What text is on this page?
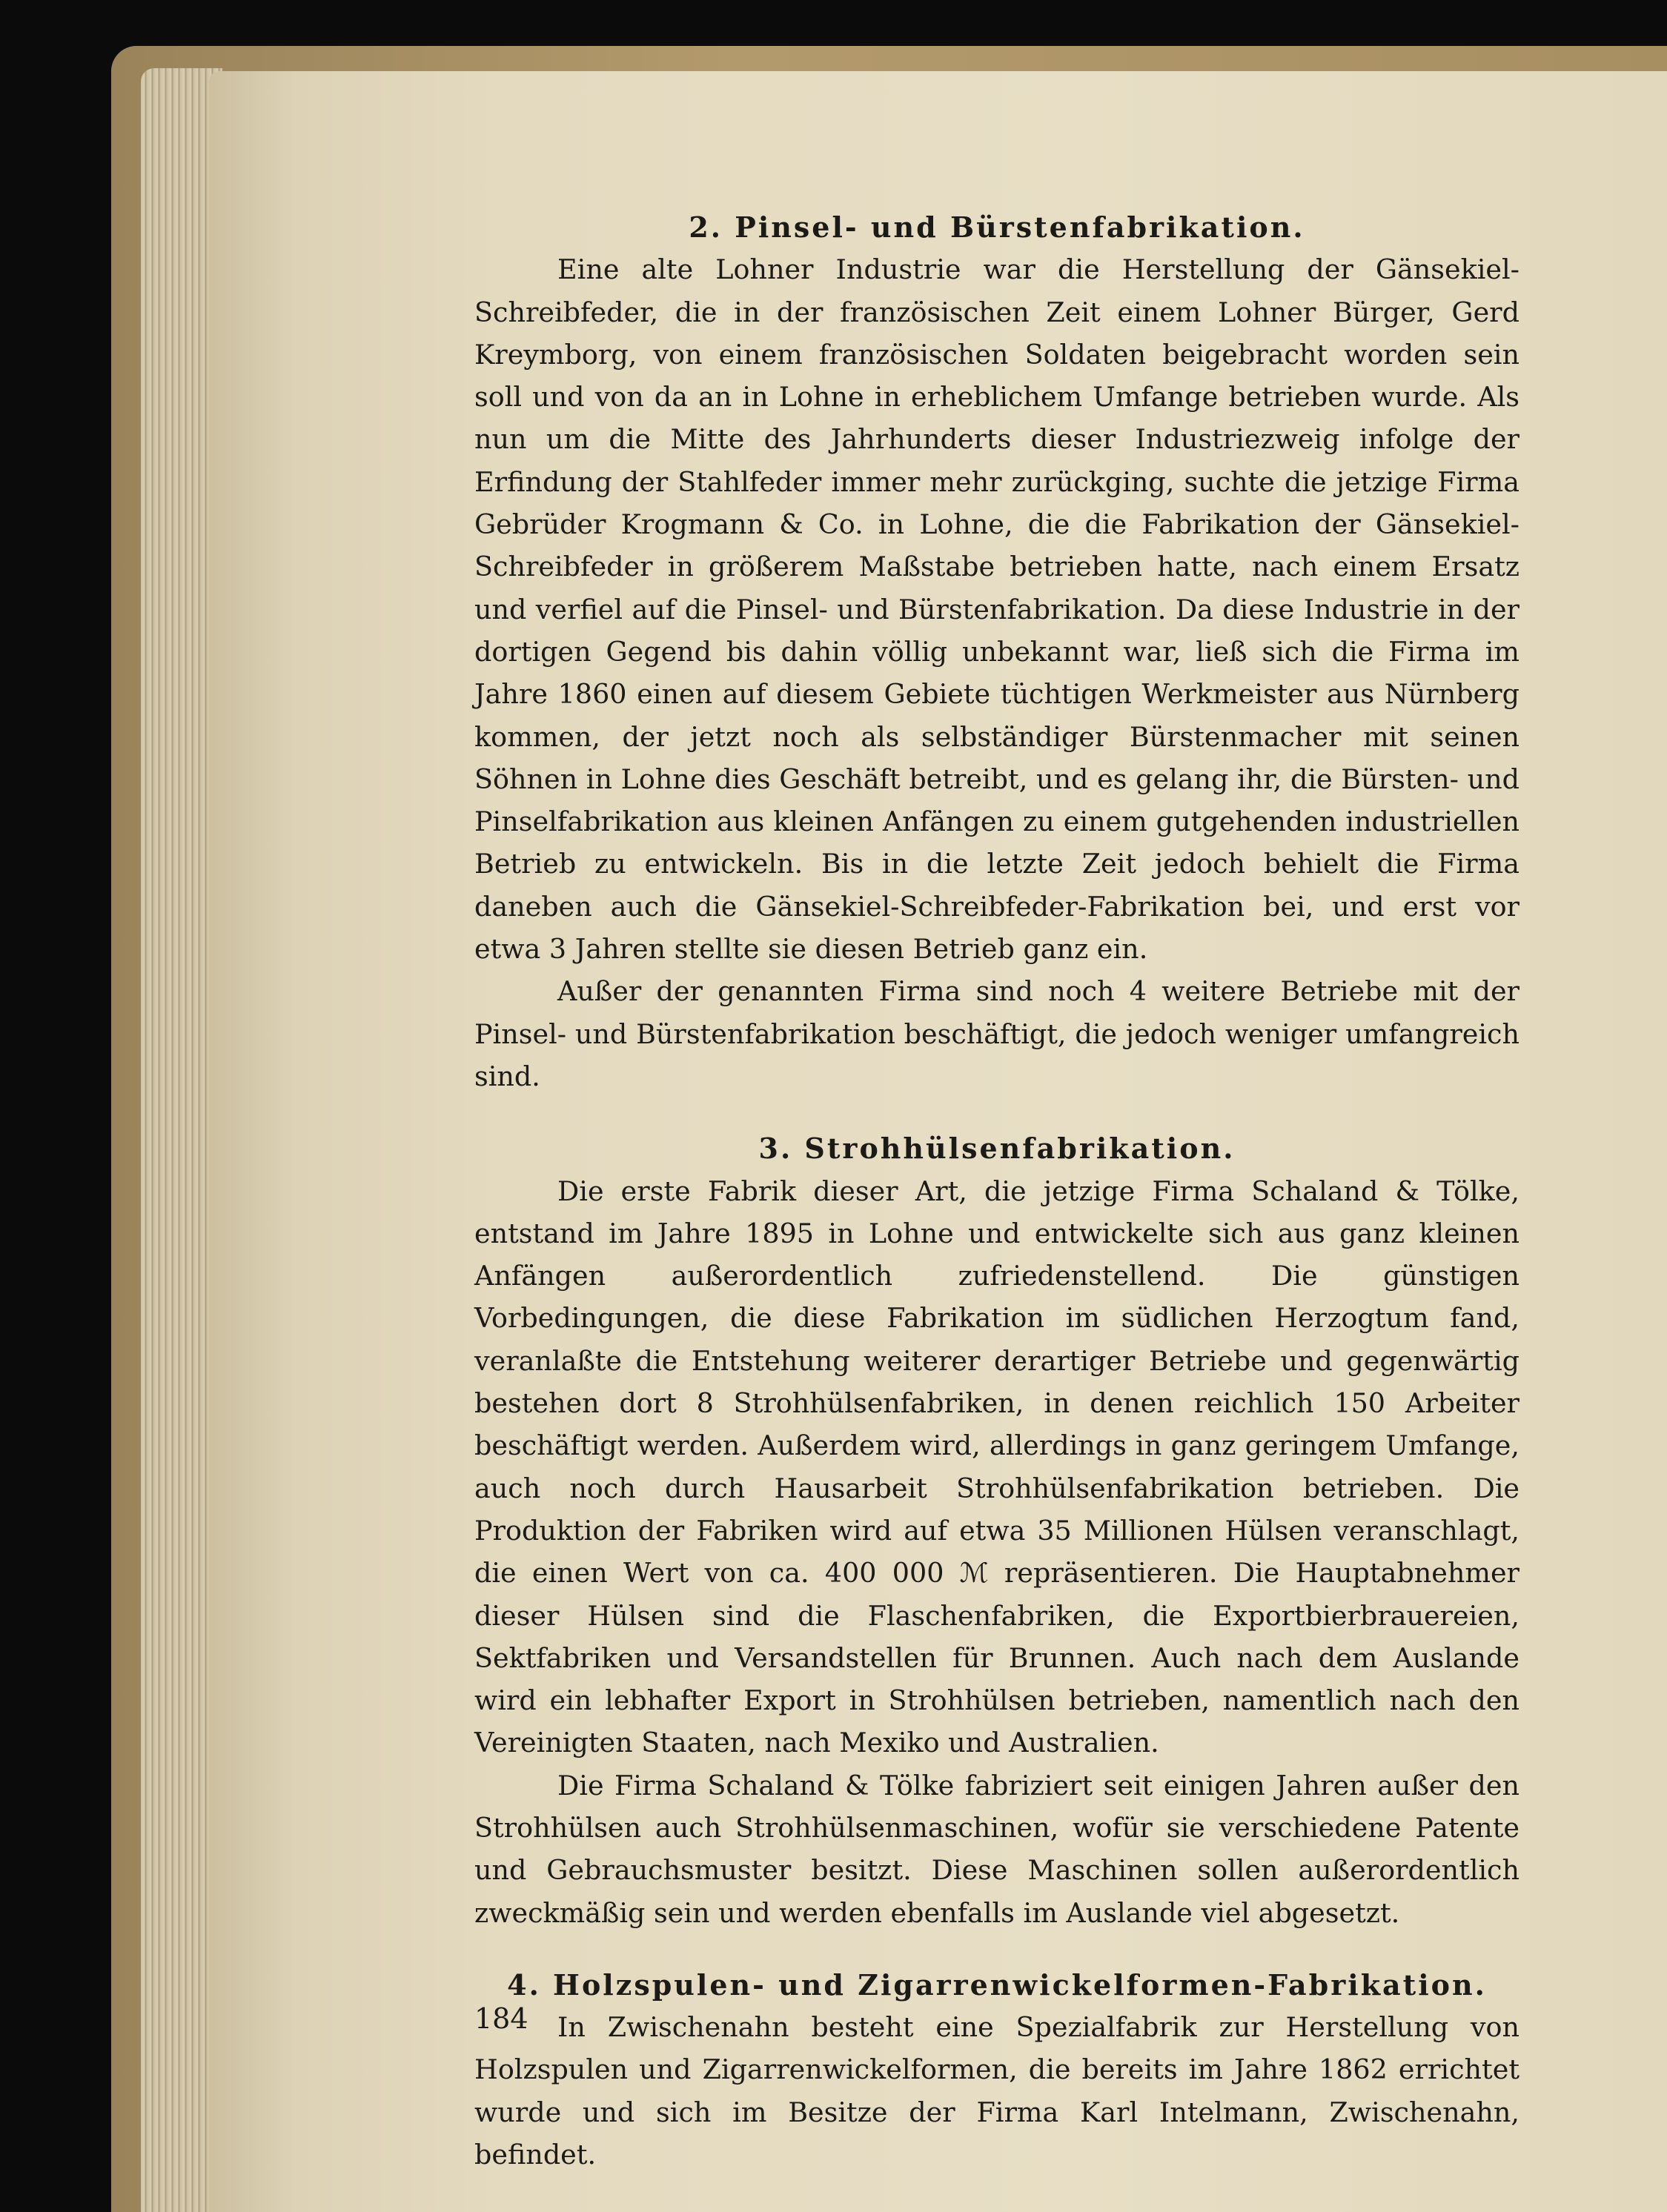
2. Pinsel- und Bürstenfabrikation.

Eine alte Lohner Industrie war die Herstellung der Gänsekiel-Schreibfeder, die in der französischen Zeit einem Lohner Bürger, Gerd Kreymborg, von einem französischen Soldaten beigebracht worden sein soll und von da an in Lohne in erheblichem Umfange betrieben wurde. Als nun um die Mitte des Jahrhunderts dieser Industriezweig infolge der Erfindung der Stahlfeder immer mehr zurückging, suchte die jetzige Firma Gebrüder Krogmann & Co. in Lohne, die die Fabrikation der Gänsekiel-Schreibfeder in größerem Maßstabe betrieben hatte, nach einem Ersatz und verfiel auf die Pinsel- und Bürstenfabrikation. Da diese Industrie in der dortigen Gegend bis dahin völlig unbekannt war, ließ sich die Firma im Jahre 1860 einen auf diesem Gebiete tüchtigen Werkmeister aus Nürnberg kommen, der jetzt noch als selbständiger Bürstenmacher mit seinen Söhnen in Lohne dies Geschäft betreibt, und es gelang ihr, die Bürsten- und Pinselfabrikation aus kleinen Anfängen zu einem gutgehenden industriellen Betrieb zu entwickeln. Bis in die letzte Zeit jedoch behielt die Firma daneben auch die Gänsekiel-Schreibfeder-Fabrikation bei, und erst vor etwa 3 Jahren stellte sie diesen Betrieb ganz ein.

Außer der genannten Firma sind noch 4 weitere Betriebe mit der Pinsel- und Bürstenfabrikation beschäftigt, die jedoch weniger umfangreich sind.

3. Strohhülsenfabrikation.

Die erste Fabrik dieser Art, die jetzige Firma Schaland & Tölke, entstand im Jahre 1895 in Lohne und entwickelte sich aus ganz kleinen Anfängen außerordentlich zufriedenstellend. Die günstigen Vorbedingungen, die diese Fabrikation im südlichen Herzogtum fand, veranlaßte die Entstehung weiterer derartiger Betriebe und gegenwärtig bestehen dort 8 Strohhülsenfabriken, in denen reichlich 150 Arbeiter beschäftigt werden. Außerdem wird, allerdings in ganz geringem Umfange, auch noch durch Hausarbeit Strohhülsenfabrikation betrieben. Die Produktion der Fabriken wird auf etwa 35 Millionen Hülsen veranschlagt, die einen Wert von ca. 400 000 ℳ repräsentieren. Die Hauptabnehmer dieser Hülsen sind die Flaschenfabriken, die Exportbierbrauereien, Sektfabriken und Versandstellen für Brunnen. Auch nach dem Auslande wird ein lebhafter Export in Strohhülsen betrieben, namentlich nach den Vereinigten Staaten, nach Mexiko und Australien.

Die Firma Schaland & Tölke fabriziert seit einigen Jahren außer den Strohhülsen auch Strohhülsenmaschinen, wofür sie verschiedene Patente und Gebrauchsmuster besitzt. Diese Maschinen sollen außerordentlich zweckmäßig sein und werden ebenfalls im Auslande viel abgesetzt.

4. Holzspulen- und Zigarrenwickelformen-Fabrikation.

In Zwischenahn besteht eine Spezialfabrik zur Herstellung von Holzspulen und Zigarrenwickelformen, die bereits im Jahre 1862 errichtet wurde und sich im Besitze der Firma Karl Intelmann, Zwischenahn, befindet.

184
